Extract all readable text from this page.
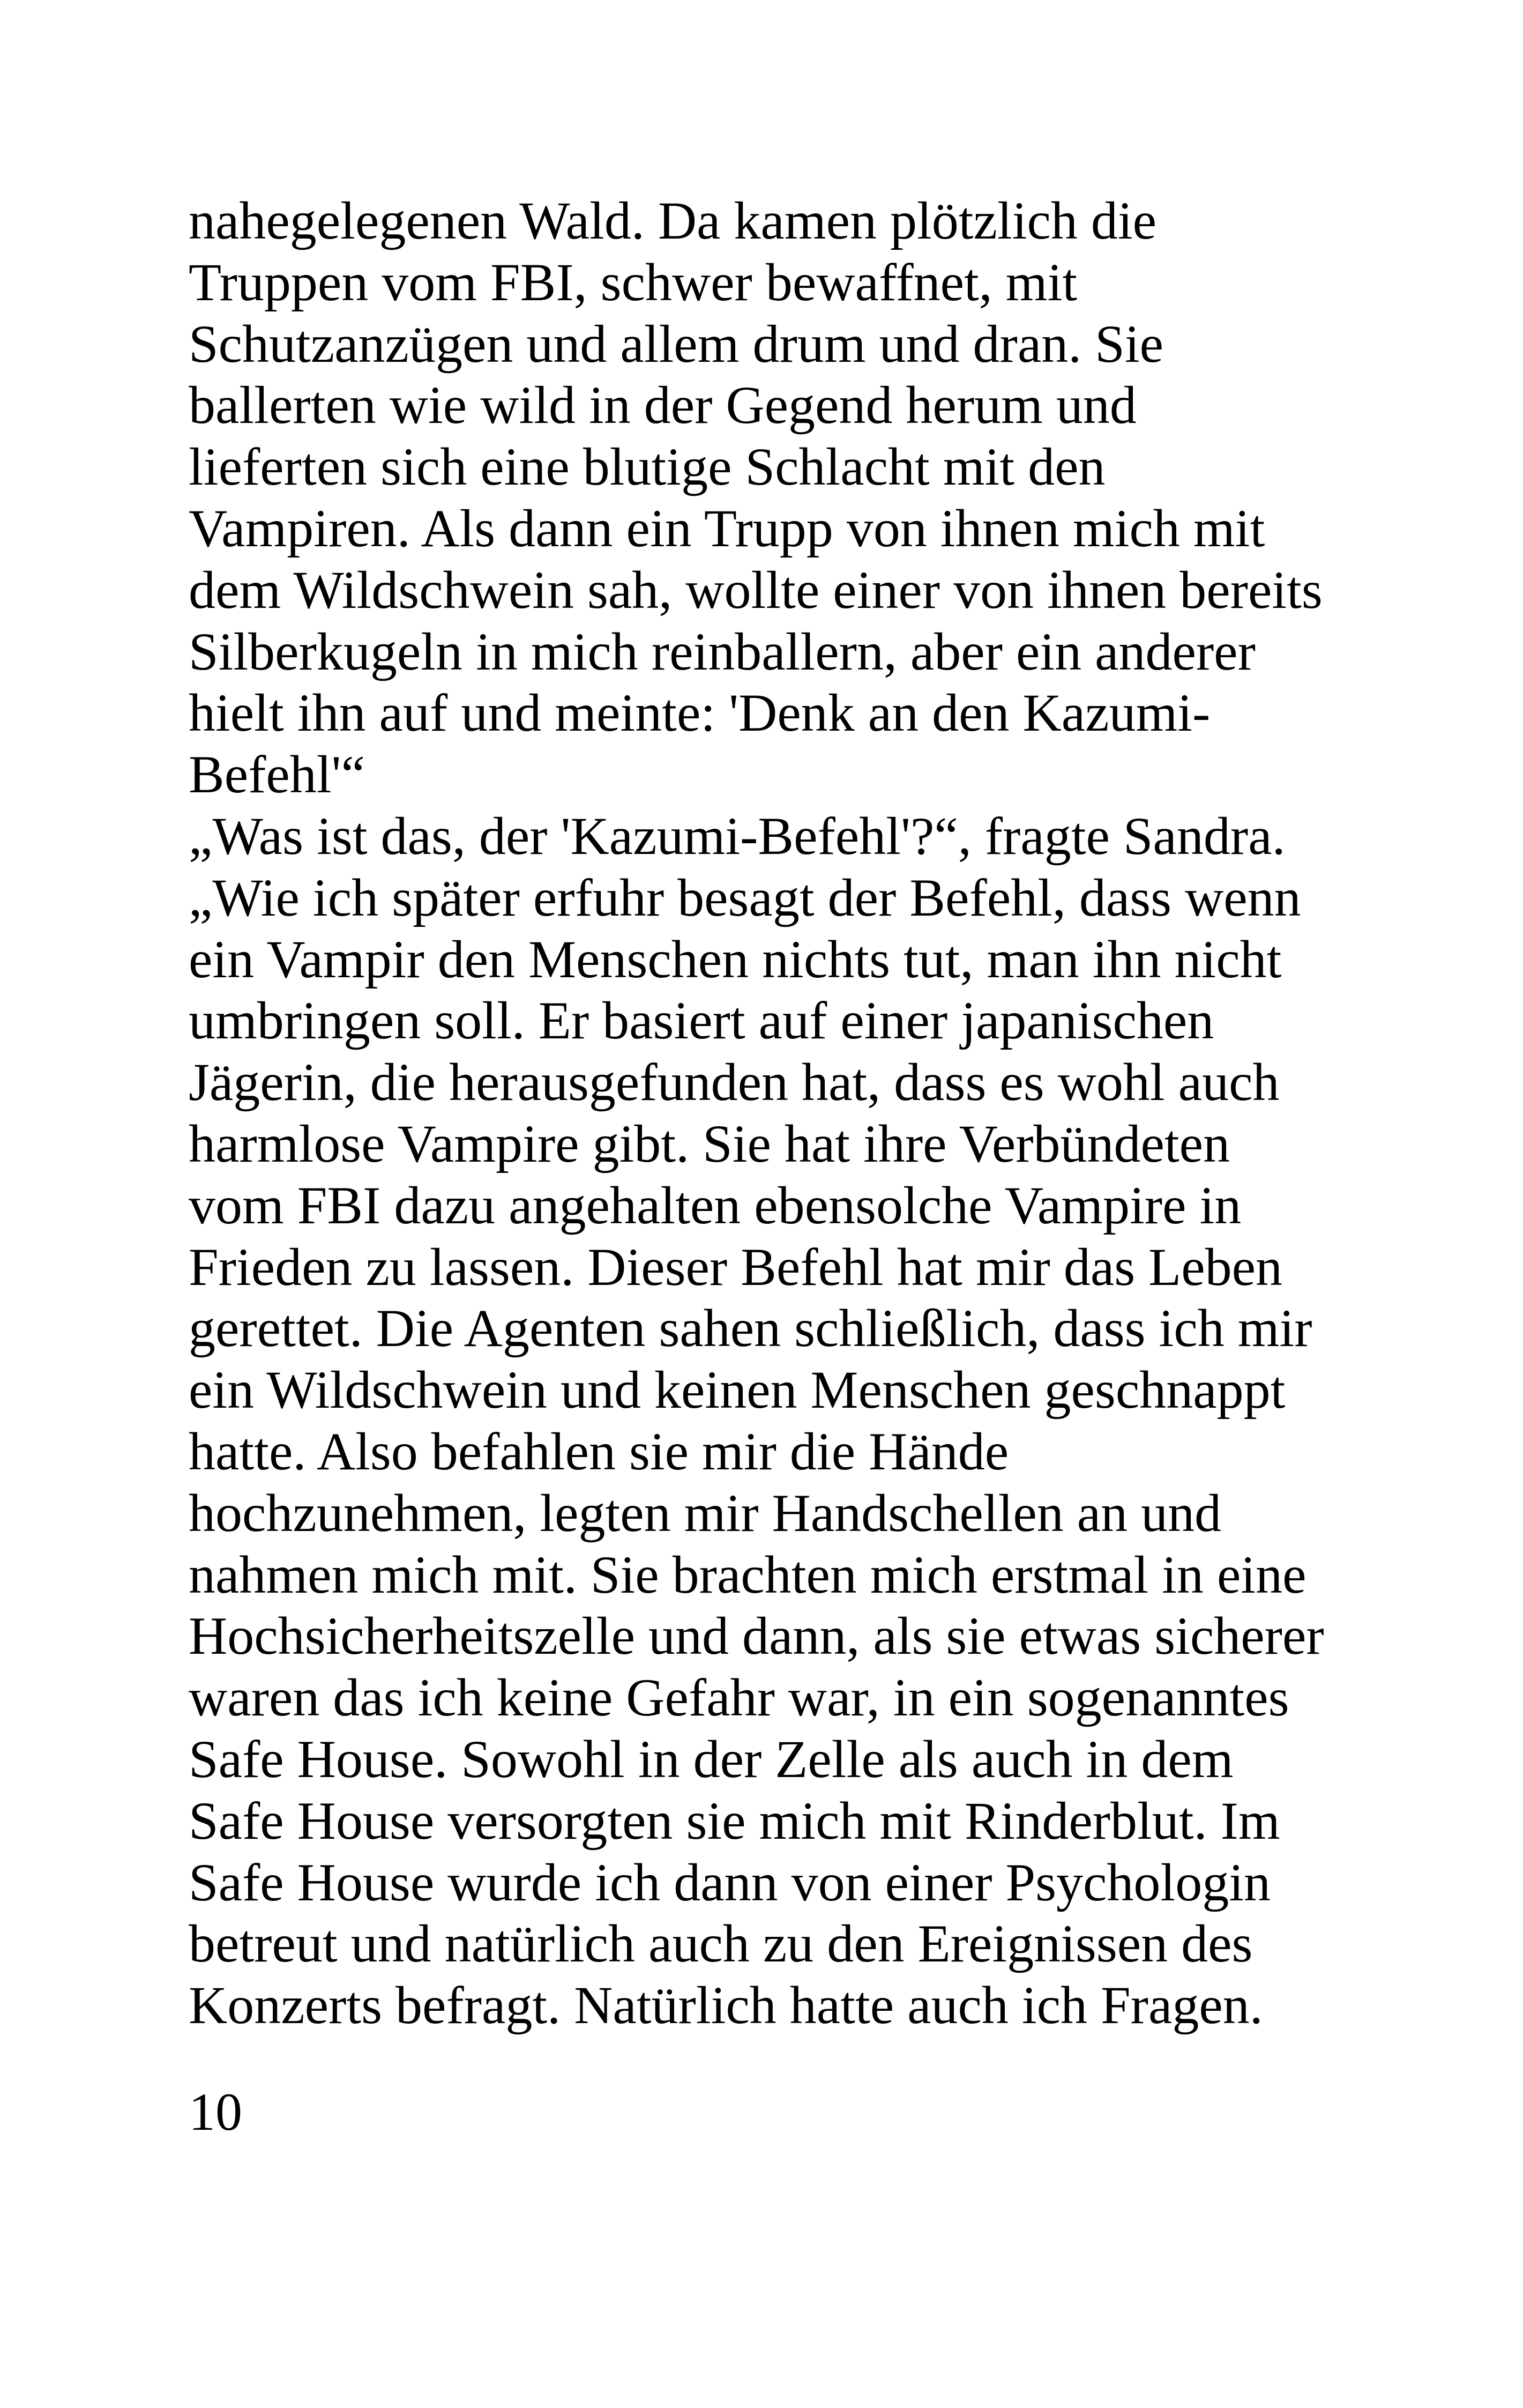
nahegelegenen Wald. Da kamen plötzlich die
Truppen vom FBI, schwer bewaffnet, mit
Schutzanzügen und allem drum und dran. Sie
ballerten wie wild in der Gegend herum und
lieferten sich eine blutige Schlacht mit den
Vampiren. Als dann ein Trupp von ihnen mich mit
dem Wildschwein sah, wollte einer von ihnen bereits
Silberkugeln in mich reinballern, aber ein anderer
hielt ihn auf und meinte: 'Denk an den Kazumi-
Befehl'“
„Was ist das, der 'Kazumi-Befehl'?“, fragte Sandra.
„Wie ich später erfuhr besagt der Befehl, dass wenn
ein Vampir den Menschen nichts tut, man ihn nicht
umbringen soll. Er basiert auf einer japanischen
Jägerin, die herausgefunden hat, dass es wohl auch
harmlose Vampire gibt. Sie hat ihre Verbündeten
vom FBI dazu angehalten ebensolche Vampire in
Frieden zu lassen. Dieser Befehl hat mir das Leben
gerettet. Die Agenten sahen schließlich, dass ich mir
ein Wildschwein und keinen Menschen geschnappt
hatte. Also befahlen sie mir die Hände
hochzunehmen, legten mir Handschellen an und
nahmen mich mit. Sie brachten mich erstmal in eine
Hochsicherheitszelle und dann, als sie etwas sicherer
waren das ich keine Gefahr war, in ein sogenanntes
Safe House. Sowohl in der Zelle als auch in dem
Safe House versorgten sie mich mit Rinderblut. Im
Safe House wurde ich dann von einer Psychologin
betreut und natürlich auch zu den Ereignissen des
Konzerts befragt. Natürlich hatte auch ich Fragen.
10
